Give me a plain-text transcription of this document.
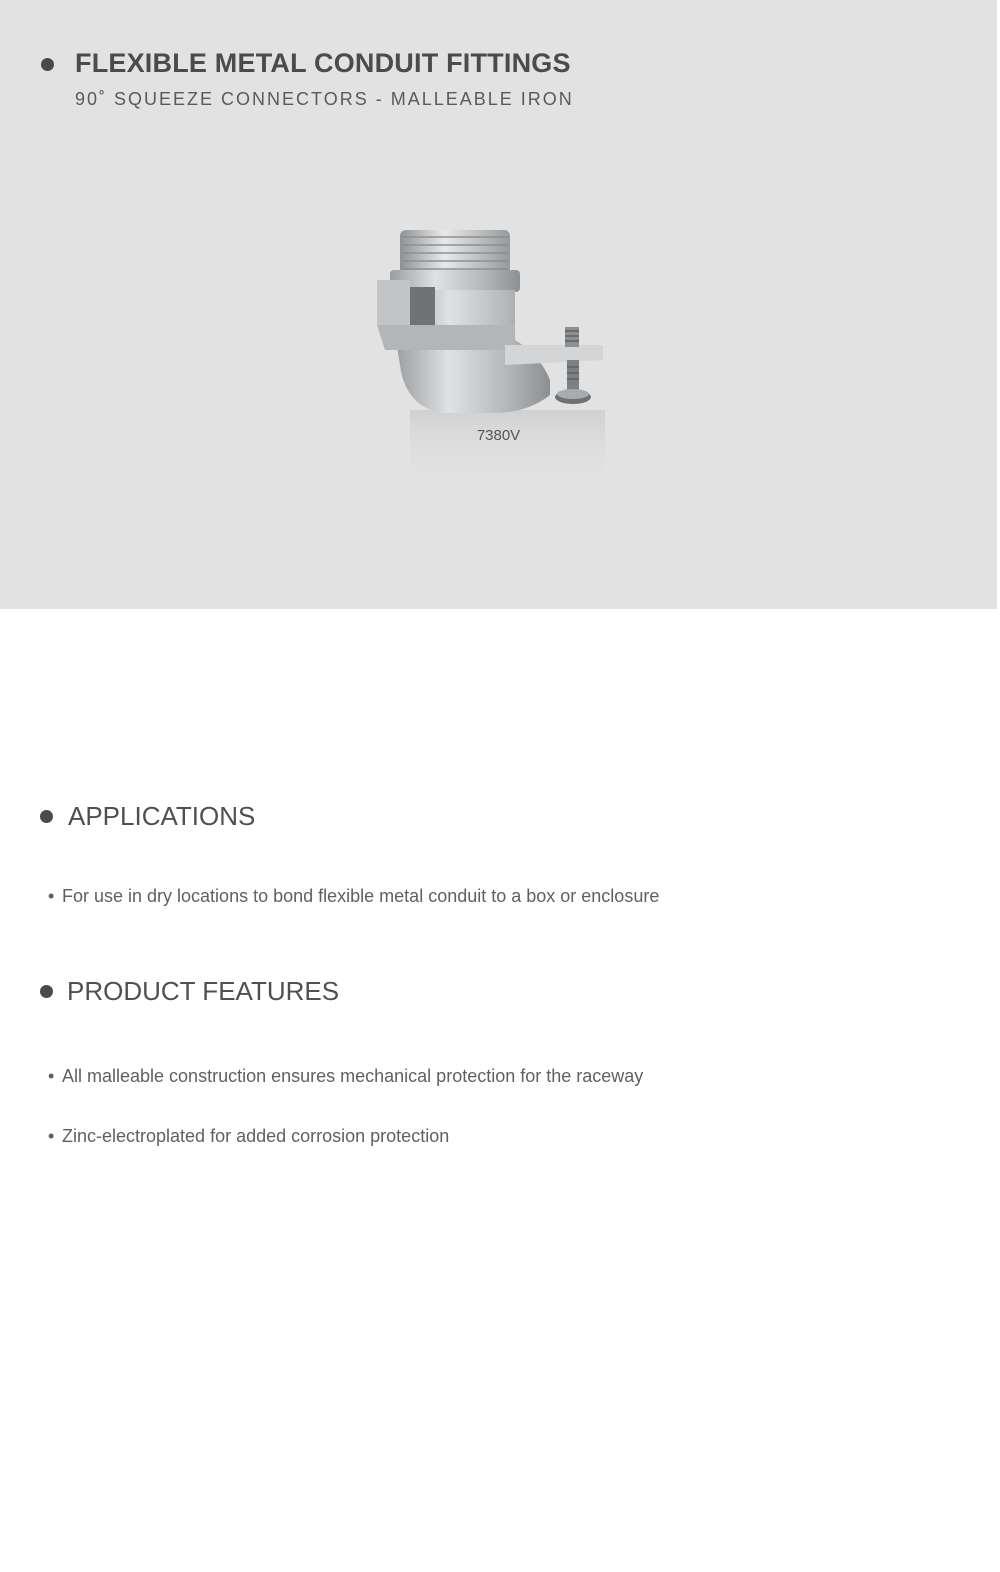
FLEXIBLE METAL CONDUIT FITTINGS

90˚ SQUEEZE CONNECTORS - MALLEABLE IRON

7380V
APPLICATIONS
• For use in dry locations to bond flexible metal conduit to a box or enclosure
PRODUCT FEATURES
• All malleable construction ensures mechanical protection for the raceway
• Zinc-electroplated for added corrosion protection
